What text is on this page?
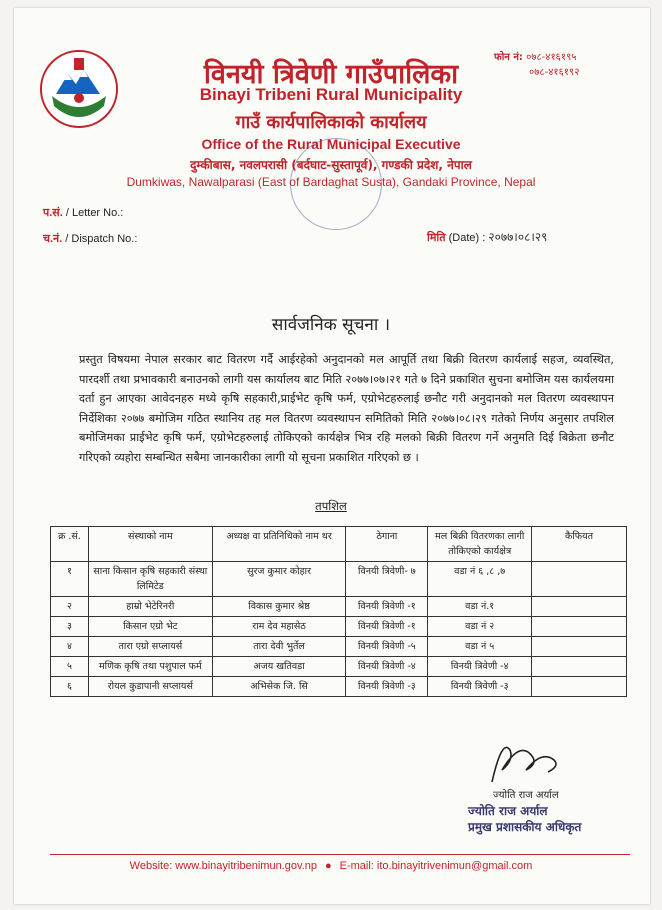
विनयी त्रिवेणी गाउँपालिका
Binayi Tribeni Rural Municipality
गाउँ कार्यपालिकाको कार्यालय
Office of the Rural Municipal Executive
दुम्कीबास, नवलपरासी (बर्दघाट-सुस्तापूर्व), गण्डकी प्रदेश, नेपाल
Dumkiwas, Nawalparasi (East of Bardaghat Susta), Gandaki Province, Nepal
फोन नं: ०७८-४१६१९५
०७८-४१६१९२
प.सं. / Letter No.:
च.नं. / Dispatch No.:	मिति (Date) : २०७७।०८।२९
सार्वजनिक सूचना ।
प्रस्तुत विषयमा नेपाल सरकार बाट वितरण गर्दै आईरहेको अनुदानको मल आपूर्ति तथा बिक्री वितरण कार्यलाई सहज, व्यवस्थित, पारदर्शी तथा प्रभावकारी बनाउनको लागी यस कार्यालय बाट मिति २०७७।०७।२१ गते ७ दिने प्रकाशित सुचना बमोजिम यस कार्यलयमा दर्ता हुन आएका आवेदनहरु मध्ये कृषि सहकारी,प्राईभेट कृषि फर्म, एग्रोभेटहरुलाई छनौट गरी अनुदानको मल वितरण व्यवस्थापन निर्देशिका २०७७ बमोजिम गठित स्थानिय तह मल वितरण व्यवस्थापन समितिको मिति २०७७।०८।२९ गतेको निर्णय अनुसार तपशिल बमोजिमका प्राईभेट कृषि फर्म, एग्रोभेटहरुलाई तोकिएको कार्यक्षेत्र भित्र रहि मलको बिक्री वितरण गर्ने अनुमति दिई बिक्रेता छनौट गरिएको व्यहोरा सम्बन्धित सबैमा जानकारीका लागी यो सूचना प्रकाशित गरिएको छ ।
तपशिल
क्र .सं.	संस्थाको नाम	अध्यक्ष वा प्रतिनिधिको नाम थर	ठेगाना	मल बिक्री वितरणका लागी तोकिएको कार्यक्षेत्र	कैफियत
१	साना किसान कृषि सहकारी संस्था लिमिटेड	सुरज कुमार कोहार	विनयी त्रिवेणी- ७	वडा नं ६ ,८ ,७	
२	हाम्रो भेटेरिनरी	विकास कुमार श्रेष्ठ	विनयी त्रिवेणी -१	वडा नं.१	
३	किसान एग्रो भेट	राम देव महासेठ	विनयी त्रिवेणी -१	वडा नं २	
४	तारा एग्रो सप्लायर्स	तारा देवी भुर्तेल	विनयी त्रिवेणी -५	वडा नं ५	
५	मणिक कृषि तथा पशुपाल फर्म	अजय खतिवडा	विनयी त्रिवेणी -४	विनयी त्रिवेणी -४	
६	रोयल कुडापानी सप्लायर्स	अभिसेक जि. सि	विनयी त्रिवेणी -३	विनयी त्रिवेणी -३	
ज्योति राज अर्याल
ज्योति राज अर्याल
प्रमुख प्रशासकीय अधिकृत
Website: www.binayitribenimun.gov.np ● E-mail: ito.binayitrivenimun@gmail.com
